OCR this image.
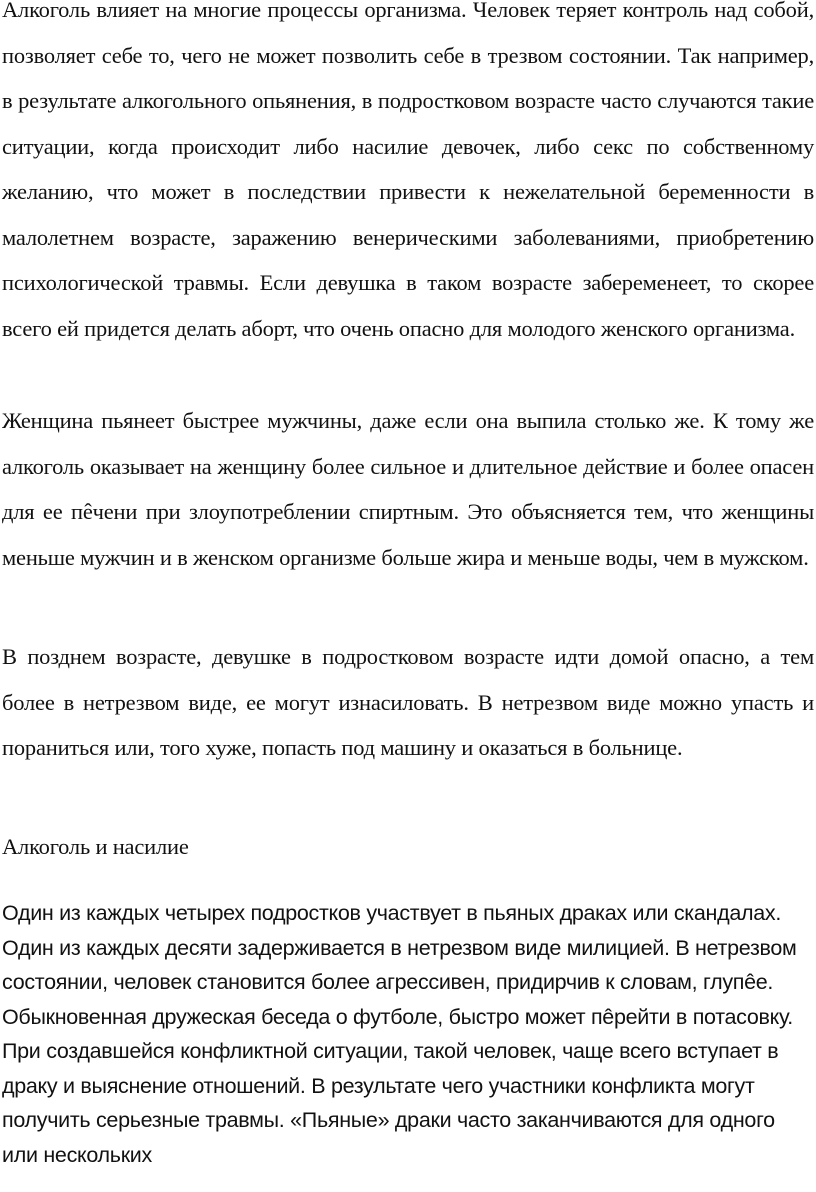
Алкоголь влияет на многие процессы организма. Человек теряет контроль над собой, позволяет себе то, чего не может позволить себе в трезвом состоянии. Так например, в результате алкогольного опьянения, в подростковом возрасте часто случаются такие ситуации, когда происходит либо насилие девочек, либо секс по собственному желанию, что может в последствии привести к нежелательной беременности в малолетнем возрасте, заражению венерическими заболеваниями, приобретению психологической травмы. Если девушка в таком возрасте забеременеет, то скорее всего ей придется делать аборт, что очень опасно для молодого женского организма.

Женщина пьянеет быстрее мужчины, даже если она выпила столько же. К тому же алкоголь оказывает на женщину более сильное и длительное действие и более опасен для ее пêчени при злоупотреблении спиртным. Это объясняется тем, что женщины меньше мужчин и в женском организме больше жира и меньше воды, чем в мужском.

В позднем возрасте, девушке в подростковом возрасте идти домой опасно, а тем более в нетрезвом виде, ее могут изнасиловать. В нетрезвом виде можно упасть и пораниться или, того хуже, попасть под машину и оказаться в больнице.

Алкоголь и насилие

Один из каждых четырех подростков участвует в пьяных драках или скандалах. Один из каждых десяти задерживается в нетрезвом виде милицией. В нетрезвом состоянии, человек становится более агрессивен, придирчив к словам, глупêе. Обыкновенная дружеская беседа о футболе, быстро может пêрейти в потасовку. При создавшейся конфликтной ситуации, такой человек, чаще всего вступает в драку и выяснение отношений. В результате чего участники конфликта могут получить серьезные травмы. «Пьяные» драки часто заканчиваются для одного или нескольких
